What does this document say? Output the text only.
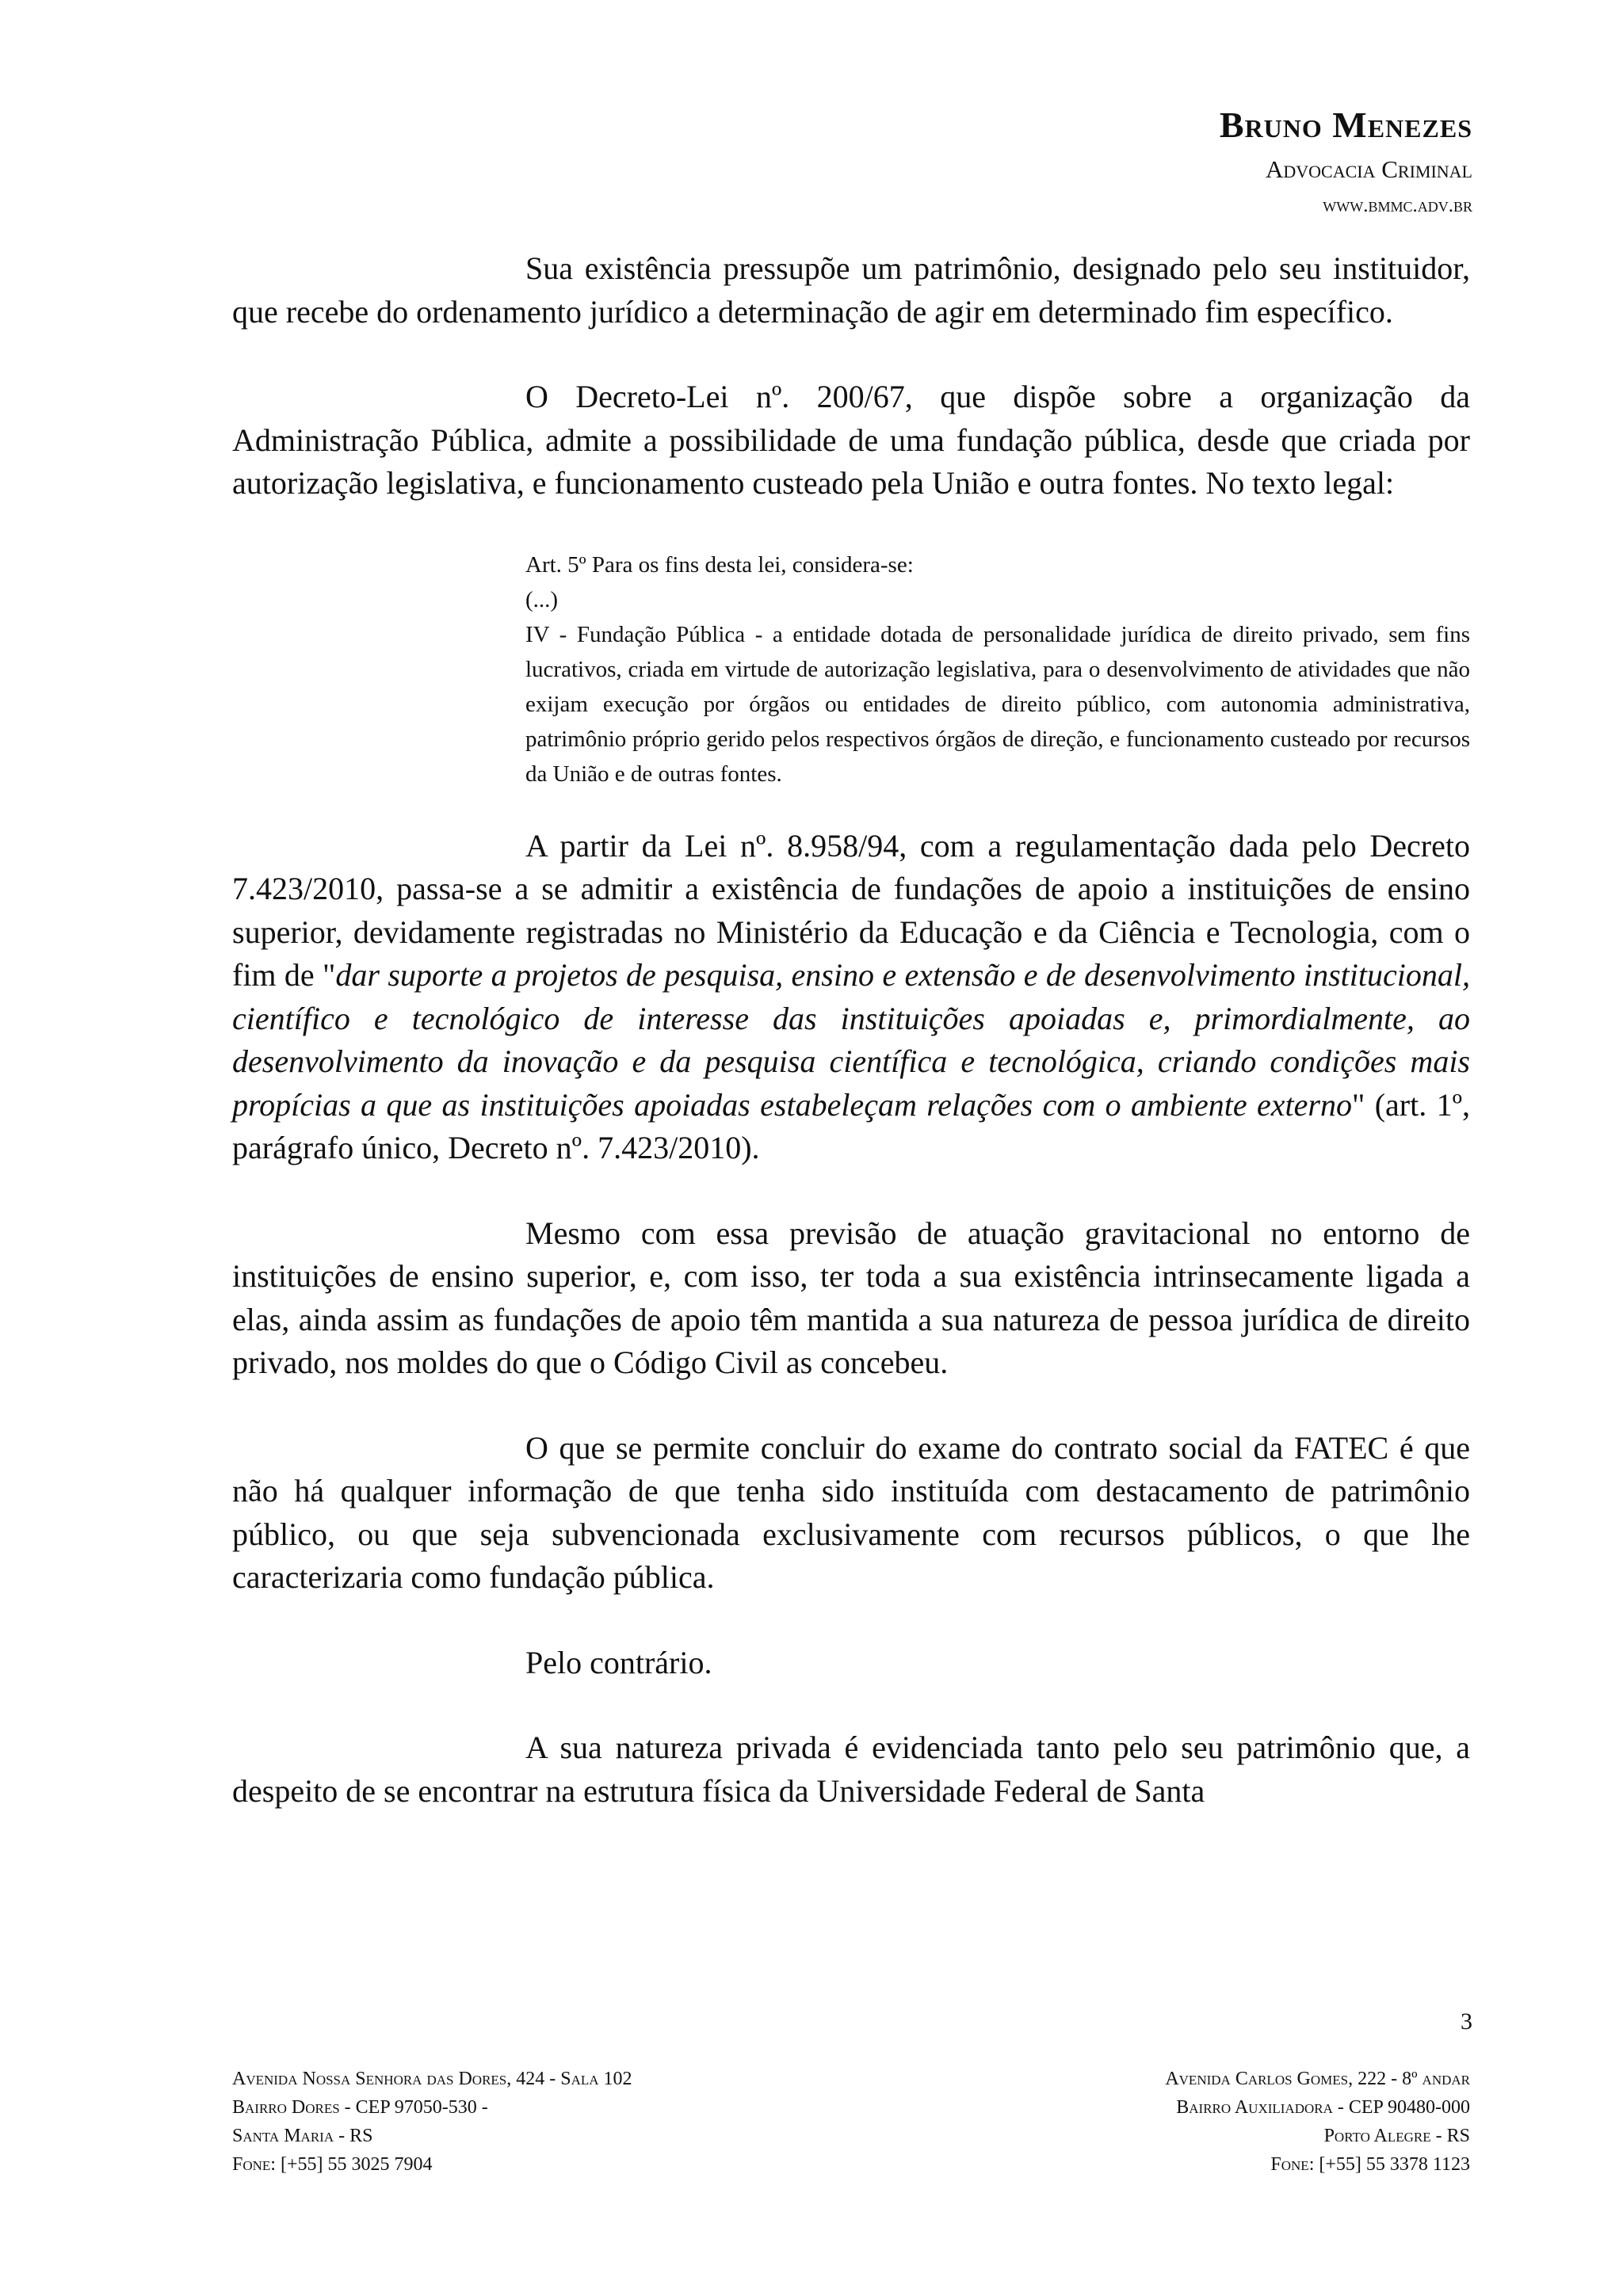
Bruno Menezes
Advocacia Criminal
www.bmmc.adv.br

Sua existência pressupõe um patrimônio, designado pelo seu instituidor, que recebe do ordenamento jurídico a determinação de agir em determinado fim específico.

O Decreto-Lei nº. 200/67, que dispõe sobre a organização da Administração Pública, admite a possibilidade de uma fundação pública, desde que criada por autorização legislativa, e funcionamento custeado pela União e outra fontes. No texto legal:

Art. 5º Para os fins desta lei, considera-se:

(...)

IV - Fundação Pública - a entidade dotada de personalidade jurídica de direito privado, sem fins lucrativos, criada em virtude de autorização legislativa, para o desenvolvimento de atividades que não exijam execução por órgãos ou entidades de direito público, com autonomia administrativa, patrimônio próprio gerido pelos respectivos órgãos de direção, e funcionamento custeado por recursos da União e de outras fontes.

A partir da Lei nº. 8.958/94, com a regulamentação dada pelo Decreto 7.423/2010, passa-se a se admitir a existência de fundações de apoio a instituições de ensino superior, devidamente registradas no Ministério da Educação e da Ciência e Tecnologia, com o fim de "dar suporte a projetos de pesquisa, ensino e extensão e de desenvolvimento institucional, científico e tecnológico de interesse das instituições apoiadas e, primordialmente, ao desenvolvimento da inovação e da pesquisa científica e tecnológica, criando condições mais propícias a que as instituições apoiadas estabeleçam relações com o ambiente externo" (art. 1º, parágrafo único, Decreto nº. 7.423/2010).

Mesmo com essa previsão de atuação gravitacional no entorno de instituições de ensino superior, e, com isso, ter toda a sua existência intrinsecamente ligada a elas, ainda assim as fundações de apoio têm mantida a sua natureza de pessoa jurídica de direito privado, nos moldes do que o Código Civil as concebeu.

O que se permite concluir do exame do contrato social da FATEC é que não há qualquer informação de que tenha sido instituída com destacamento de patrimônio público, ou que seja subvencionada exclusivamente com recursos públicos, o que lhe caracterizaria como fundação pública.

Pelo contrário.

A sua natureza privada é evidenciada tanto pelo seu patrimônio que, a despeito de se encontrar na estrutura física da Universidade Federal de Santa

3
Avenida Nossa Senhora das Dores, 424 - Sala 102
Bairro Dores - CEP 97050-530 -
Santa Maria - RS
Fone: [+55] 55 3025 7904
Avenida Carlos Gomes, 222 - 8º andar
Bairro Auxiliadora - CEP 90480-000
Porto Alegre - RS
Fone: [+55] 55 3378 1123
